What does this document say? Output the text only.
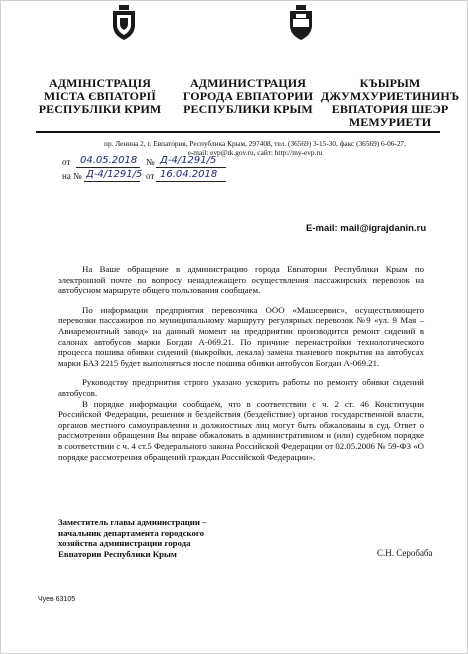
АДМІНІСТРАЦІЯ
МІСТА ЄВПАТОРІЇ
РЕСПУБЛІКИ КРИМ
АДМИНИСТРАЦИЯ
ГОРОДА ЕВПАТОРИИ
РЕСПУБЛИКИ КРЫМ
КЪЫРЫМ
ДЖУМХУРИЕТИНИНЪ
ЕВПАТОРИЯ ШЕЭР
МЕМУРИЕТИ
пр. Ленина 2, г. Евпатория, Республика Крым, 297408, тел. (36569) 3-15-30, факс (36569) 6-06-27,
e-mail: evp@rk.gov.ru, сайт: http://my-evp.ru
от 04.05.2018 № Д-4/1291/5
на № Д-4/1291/5 от 16.04.2018
E-mail: mail@igrajdanin.ru

На Ваше обращение в администрацию города Евпатории Республики Крым по электронной почте по вопросу ненадлежащего осуществления пассажирских перевозок на автобусном маршруте общего пользования сообщаем.

По информации предприятия перевозчика ООО «Машсервис», осуществляющего перевозки пассажиров по муниципальному маршруту регулярных перевозок №9 «ул. 9 Мая – Авиаремонтный завод» на данный момент на предприятии производится ремонт сидений в салонах автобусов марки Богдан А-069.21. По причине перенастройки технологического процесса пошива обивки сидений (выкройки, лекала) замена тканевого покрытия на автобусах марки БАЗ 2215 будет выполняться после пошива обивки автобусов Богдан А-069.21.

Руководству предприятия строго указано ускорить работы по ремонту обивки сидений автобусов.

В порядке информации сообщаем, что в соответствии с ч. 2 ст. 46 Конституции Российской Федерации, решения и бездействия (бездействие) органов государственной власти, органов местного самоуправления и должностных лиц могут быть обжалованы в суд. Ответ о рассмотрении обращения Вы вправе обжаловать в административном и (или) судебном порядке в соответствии с ч. 4 ст.5 Федерального закона Российской Федерации от 02.05.2006 № 59-ФЗ «О порядке рассмотрения обращений граждан Российской Федерации».

Заместитель главы администрации –
начальник департамента городского
хозяйства администрации города
Евпатории Республики Крым	С.Н. Серобаба
Чуев 63105
